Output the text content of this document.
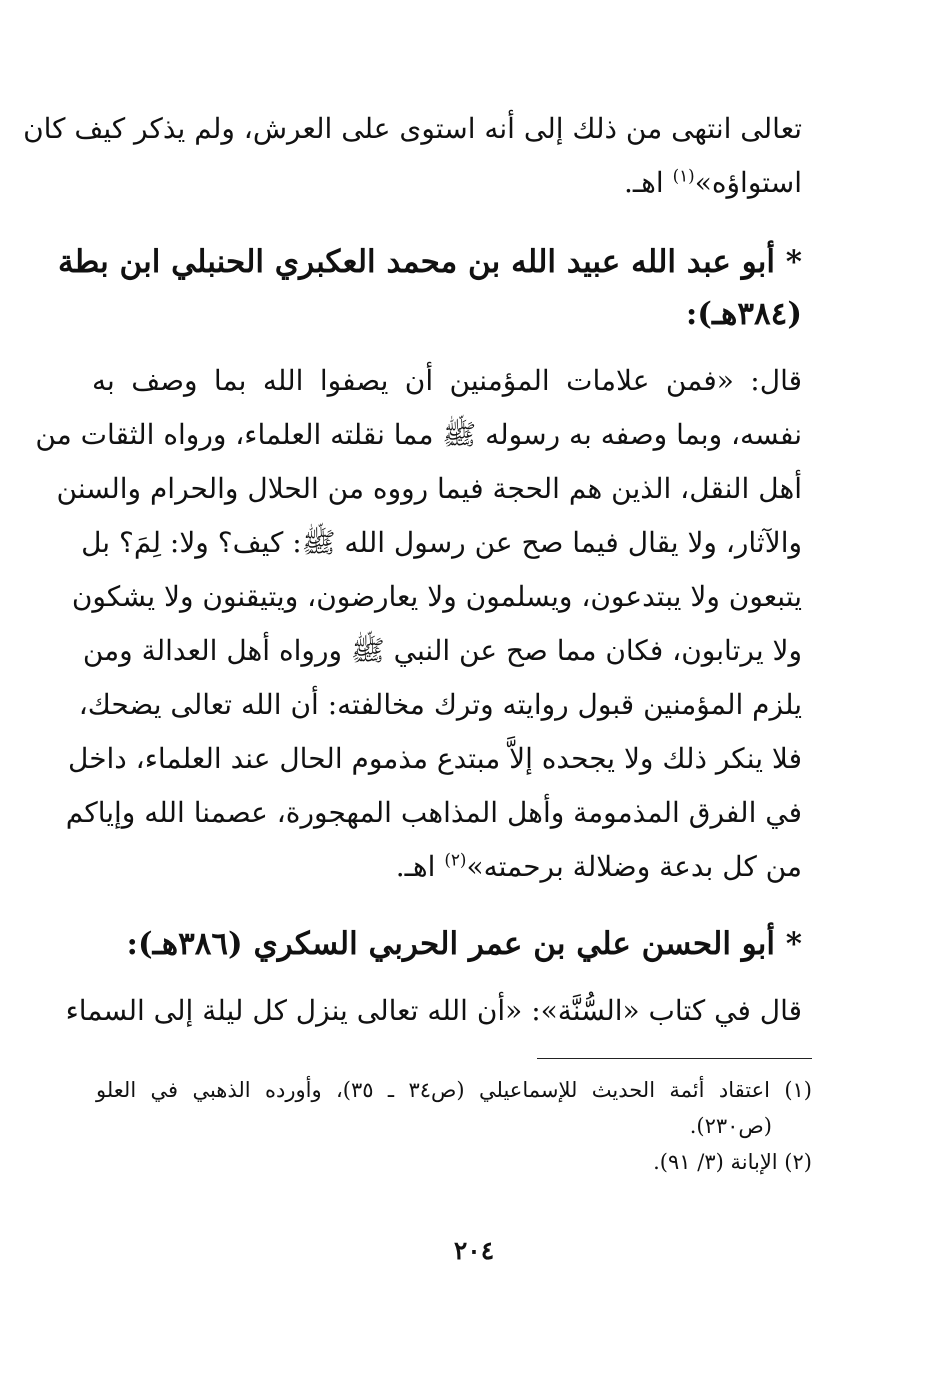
تعالى انتهى من ذلك إلى أنه استوى على العرش، ولم يذكر كيف كان
استواؤه»$^{(١)}$ اهـ.
* أبو عبد الله عبيد الله بن محمد العكبري الحنبلي ابن بطة
(٣٨٤هـ):
قال: «فمن علامات المؤمنين أن يصفوا الله بما وصف به
نفسه، وبما وصفه به رسوله ﷺ مما نقلته العلماء، ورواه الثقات من
أهل النقل، الذين هم الحجة فيما رووه من الحلال والحرام والسنن
والآثار، ولا يقال فيما صح عن رسول الله ﷺ: كيف؟ ولا: لِمَ؟ بل
يتبعون ولا يبتدعون، ويسلمون ولا يعارضون، ويتيقنون ولا يشكون
ولا يرتابون، فكان مما صح عن النبي ﷺ ورواه أهل العدالة ومن
يلزم المؤمنين قبول روايته وترك مخالفته: أن الله تعالى يضحك،
فلا ينكر ذلك ولا يجحده إلاَّ مبتدع مذموم الحال عند العلماء، داخل
في الفرق المذمومة وأهل المذاهب المهجورة، عصمنا الله وإياكم
من كل بدعة وضلالة برحمته»$^{(٢)}$ اهـ.
* أبو الحسن علي بن عمر الحربي السكري (٣٨٦هـ):
قال في كتاب «السُّنَّة»: «أن الله تعالى ينزل كل ليلة إلى السماء
(١) اعتقاد أئمة الحديث للإسماعيلي (ص٣٤ ـ ٣٥)، وأورده الذهبي في العلو
(ص٢٣٠).
(٢) الإبانة (٣/ ٩١).
٢٠٤
